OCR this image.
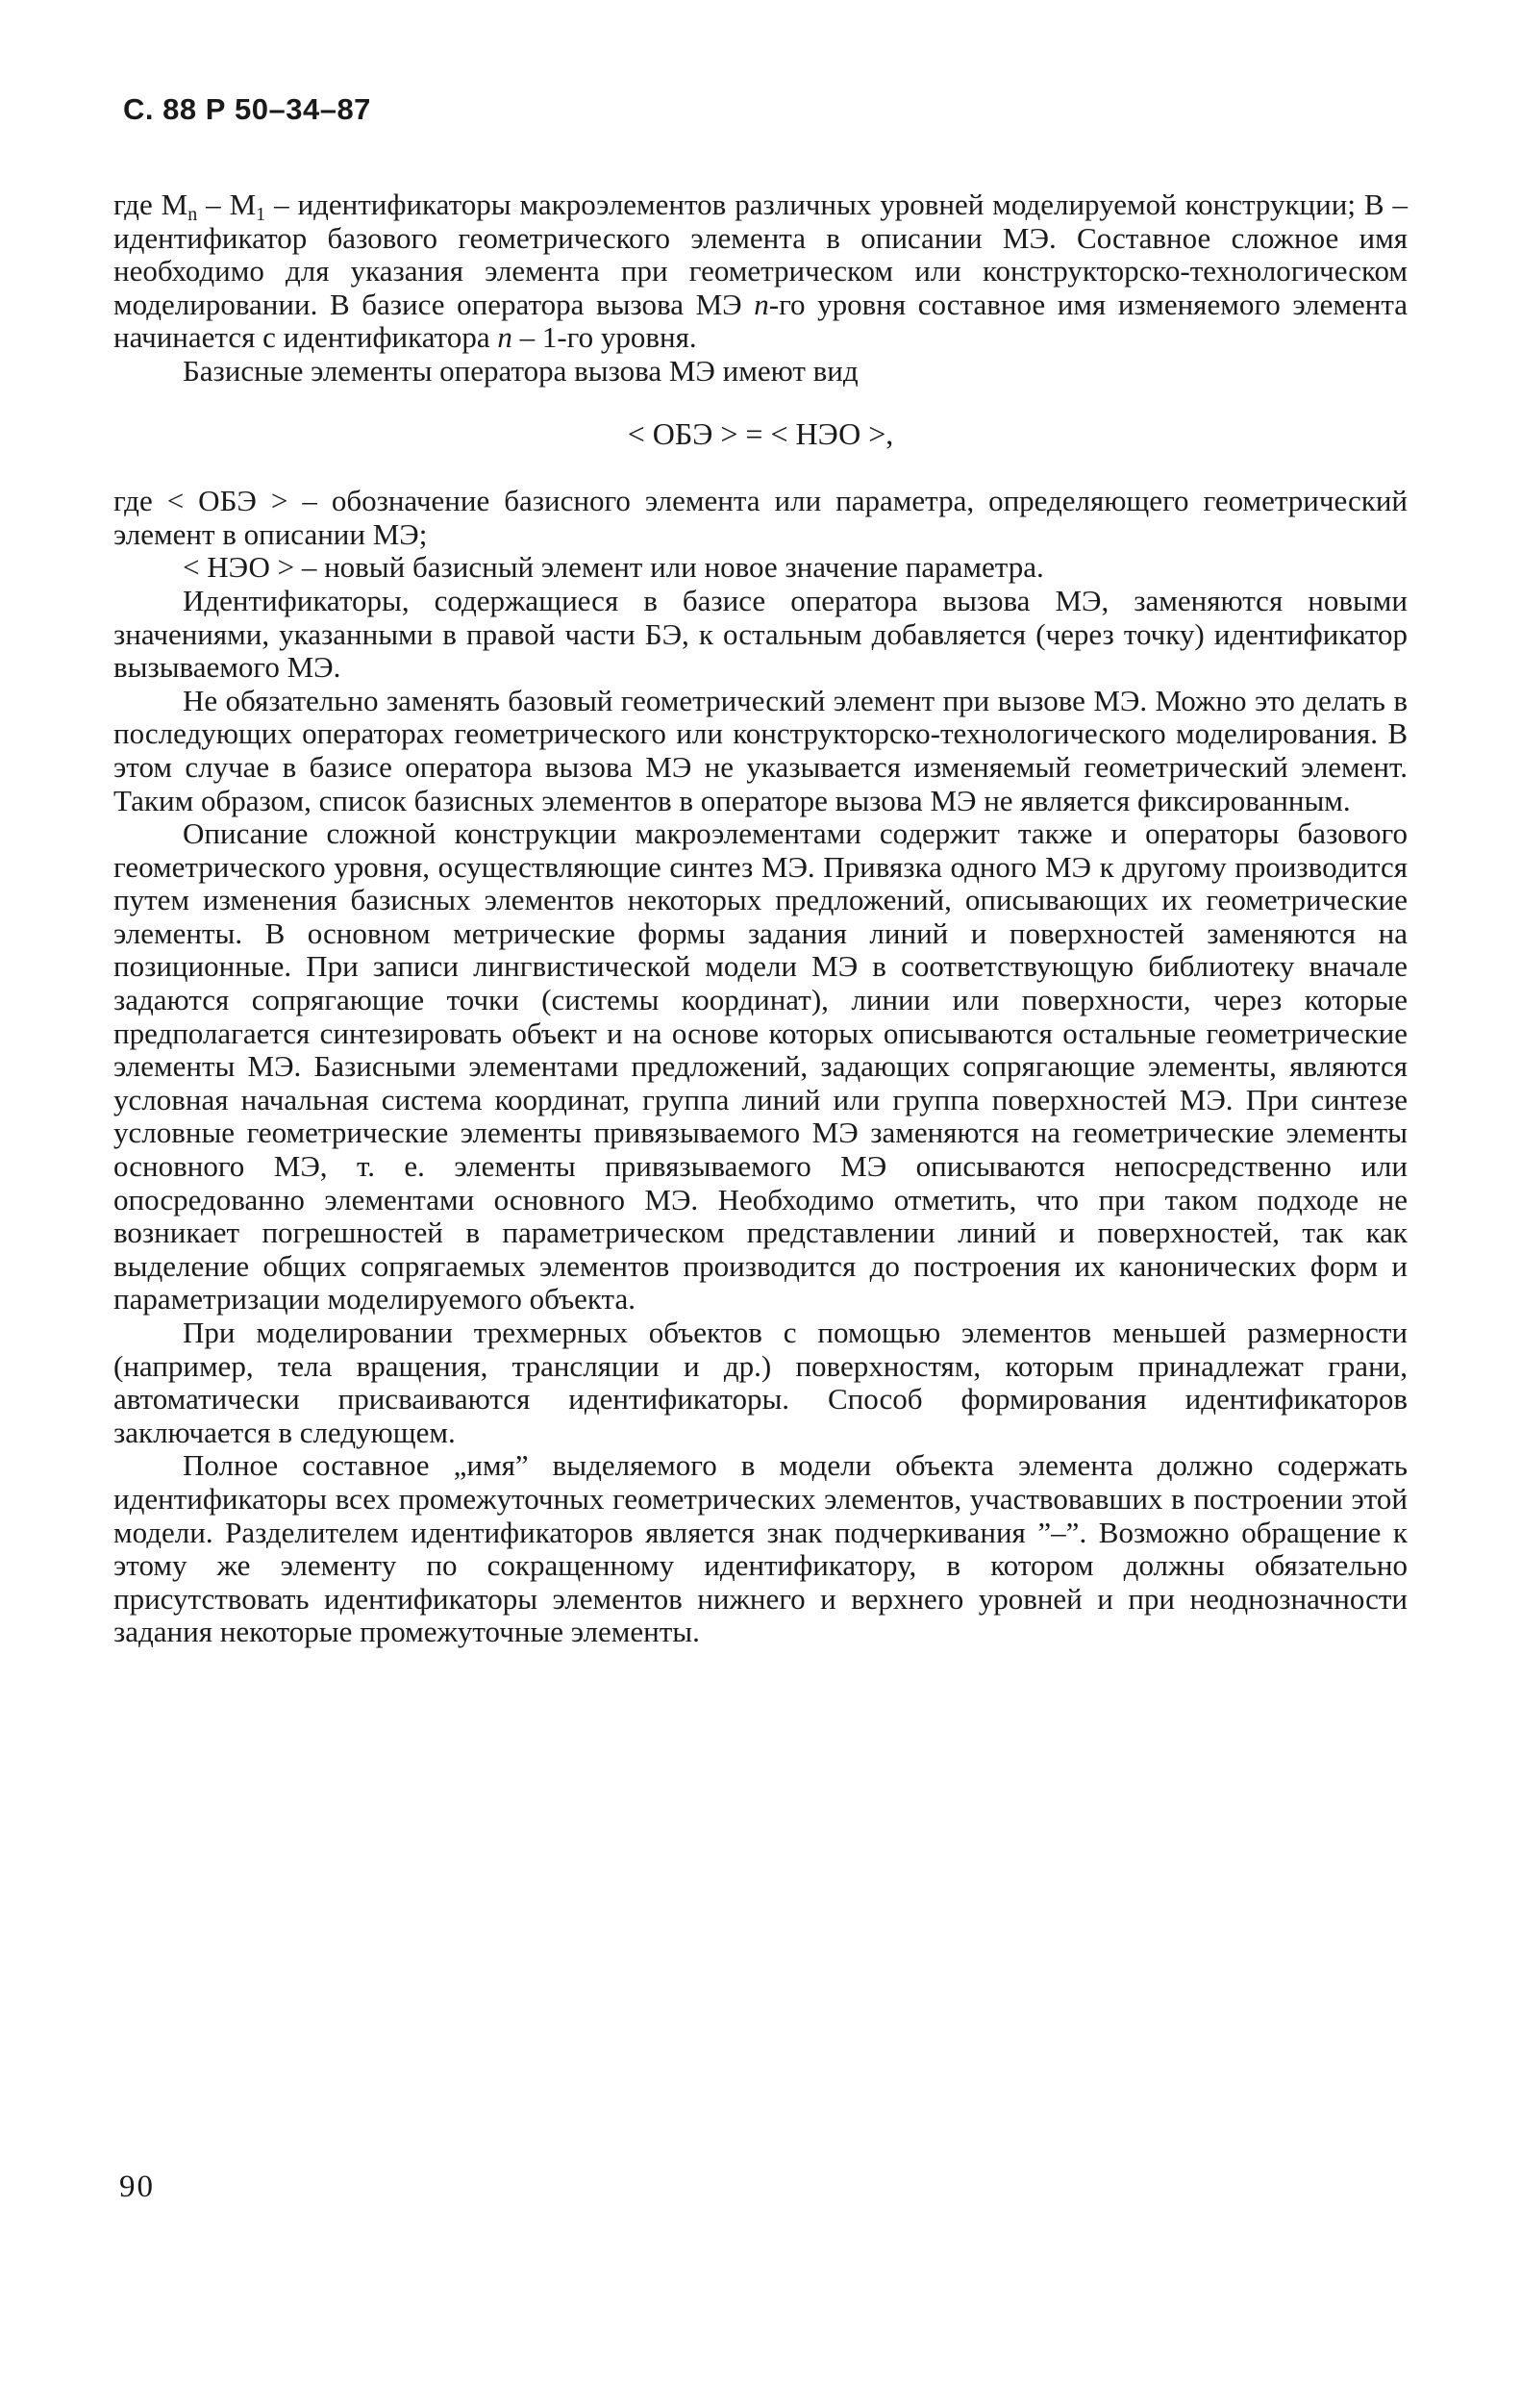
С. 88 Р 50–34–87

где $М_n - М_1$ – идентификаторы макроэлементов различных уровней моделируемой конструкции; В – идентификатор базового геометрического элемента в описании МЭ. Составное сложное имя необходимо для указания элемента при геометрическом или конструкторско-технологическом моделировании. В базисе оператора вызова МЭ n-го уровня составное имя изменяемого элемента начинается с идентификатора n – 1-го уровня.

Базисные элементы оператора вызова МЭ имеют вид

< ОБЭ > = < НЭО >,

где < ОБЭ > – обозначение базисного элемента или параметра, определяющего геометрический элемент в описании МЭ;

< НЭО > – новый базисный элемент или новое значение параметра.

Идентификаторы, содержащиеся в базисе оператора вызова МЭ, заменяются новыми значениями, указанными в правой части БЭ, к остальным добавляется (через точку) идентификатор вызываемого МЭ.

Не обязательно заменять базовый геометрический элемент при вызове МЭ. Можно это делать в последующих операторах геометрического или конструкторско-технологического моделирования. В этом случае в базисе оператора вызова МЭ не указывается изменяемый геометрический элемент. Таким образом, список базисных элементов в операторе вызова МЭ не является фиксированным.

Описание сложной конструкции макроэлементами содержит также и операторы базового геометрического уровня, осуществляющие синтез МЭ. Привязка одного МЭ к другому производится путем изменения базисных элементов некоторых предложений, описывающих их геометрические элементы. В основном метрические формы задания линий и поверхностей заменяются на позиционные. При записи лингвистической модели МЭ в соответствующую библиотеку вначале задаются сопрягающие точки (системы координат), линии или поверхности, через которые предполагается синтезировать объект и на основе которых описываются остальные геометрические элементы МЭ. Базисными элементами предложений, задающих сопрягающие элементы, являются условная начальная система координат, группа линий или группа поверхностей МЭ. При синтезе условные геометрические элементы привязываемого МЭ заменяются на геометрические элементы основного МЭ, т. е. элементы привязываемого МЭ описываются непосредственно или опосредованно элементами основного МЭ. Необходимо отметить, что при таком подходе не возникает погрешностей в параметрическом представлении линий и поверхностей, так как выделение общих сопрягаемых элементов производится до построения их канонических форм и параметризации моделируемого объекта.

При моделировании трехмерных объектов с помощью элементов меньшей размерности (например, тела вращения, трансляции и др.) поверхностям, которым принадлежат грани, автоматически присваиваются идентификаторы. Способ формирования идентификаторов заключается в следующем.

Полное составное „имя” выделяемого в модели объекта элемента должно содержать идентификаторы всех промежуточных геометрических элементов, участвовавших в построении этой модели. Разделителем идентификаторов является знак подчеркивания ”–”. Возможно обращение к этому же элементу по сокращенному идентификатору, в котором должны обязательно присутствовать идентификаторы элементов нижнего и верхнего уровней и при неоднозначности задания некоторые промежуточные элементы.

90
